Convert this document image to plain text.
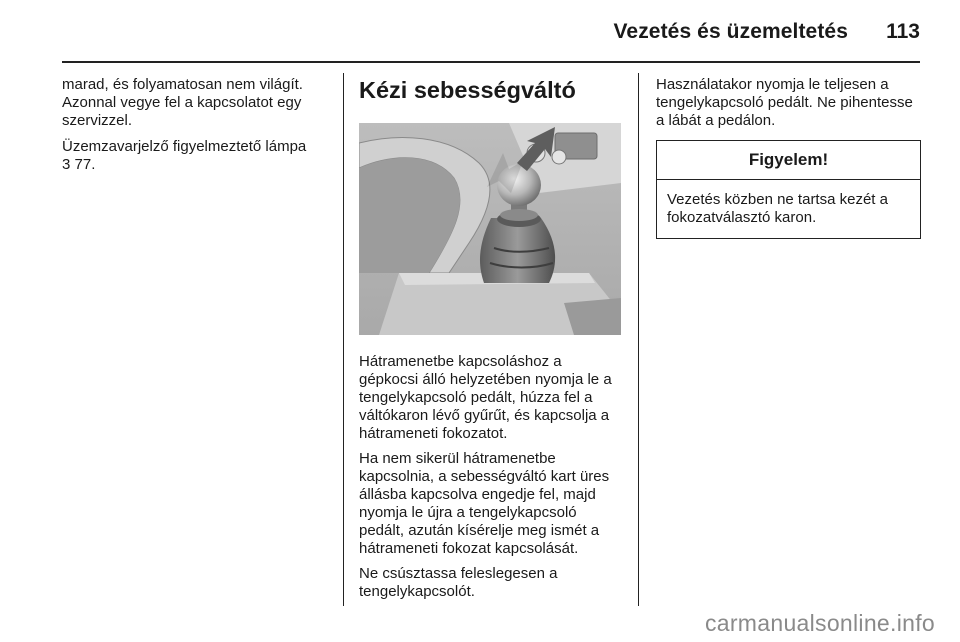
Vezetés és üzemeltetés	113

marad, és folyamatosan nem világít. Azonnal vegye fel a kapcsolatot egy szervizzel.

Üzemzavarjelző figyelmeztető lámpa
3 77.

Kézi sebességváltó

Hátramenetbe kapcsoláshoz a gépkocsi álló helyzetében nyomja le a tengelykapcsoló pedált, húzza fel a váltókaron lévő gyűrűt, és kapcsolja a hátrameneti fokozatot.

Ha nem sikerül hátramenetbe kapcsolnia, a sebességváltó kart üres állásba kapcsolva engedje fel, majd nyomja le újra a tengelykapcsoló pedált, azután kísérelje meg ismét a hátrameneti fokozat kapcsolását.

Ne csúsztassa feleslegesen a tengelykapcsolót.

Használatakor nyomja le teljesen a tengelykapcsoló pedált. Ne pihentesse a lábát a pedálon.

Figyelem!
Vezetés közben ne tartsa kezét a fokozatválasztó karon.
carmanualsonline.info
